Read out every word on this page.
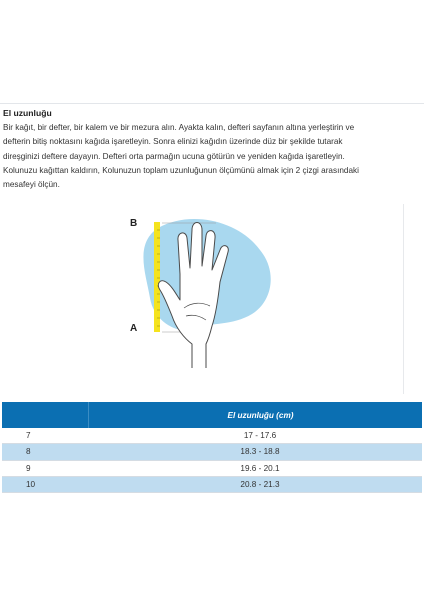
El uzunluğu
Bir kağıt, bir defter, bir kalem ve bir mezura alın. Ayakta kalın, defteri sayfanın altına yerleştirin ve
defterin bitiş noktasını kağıda işaretleyin. Sonra elinizi kağıdın üzerinde düz bir şekilde tutarak
direşginizi deftere dayayın. Defteri orta parmağın ucuna götürün ve yeniden kağıda işaretleyin.
Kolunuzu kağıttan kaldırın, Kolunuzun toplam uzunluğunun ölçümünü almak için 2 çizgi arasındaki
mesafeyi ölçün.
B
A
El uzunluğu (cm)
7	17 - 17.6
8	18.3 - 18.8
9	19.6 - 20.1
10	20.8 - 21.3
